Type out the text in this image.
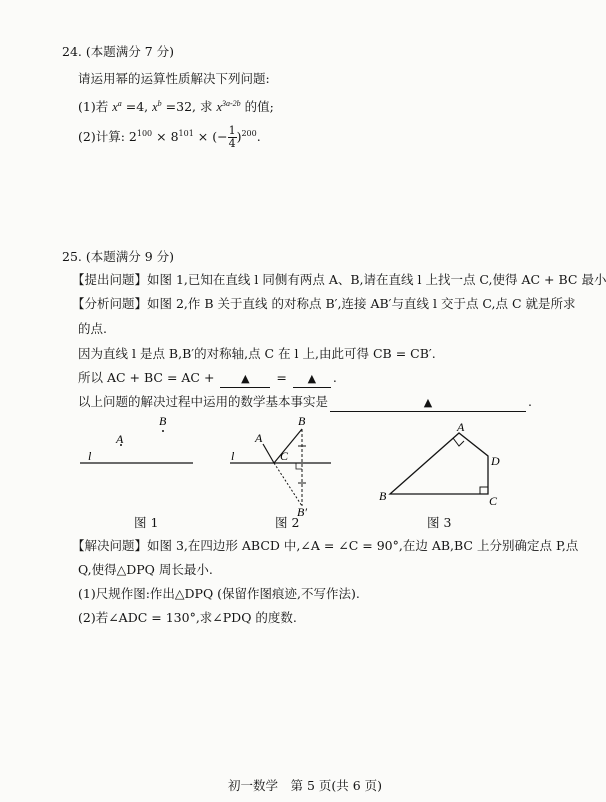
24. (本题满分 7 分)
请运用幂的运算性质解决下列问题:
(1)若 $x^a =4$, $x^b =32$, 求 $x^{3a-2b}$ 的值;
(2)计算: $2^{100} \times 8^{101}$ × (− $\frac{1}{4} )^{200}$.
25. (本题满分 9 分)
【提出问题】如图 1,已知在直线 l 同侧有两点 A、B,请在直线 l 上找一点 C,使得 AC + BC 最小
【分析问题】如图 2,作 B 关于直线 的对称点 B′,连接 AB′与直线 l 交于点 C,点 C 就是所求
的点.
因为直线 l 是点 B,B′的对称轴,点 C 在 l 上,由此可得 CB = CB′.
所以 AC + BC = AC + ▲ = ▲ .
以上问题的解决过程中运用的数学基本事实是	▲	.
l
A
B
l
A
B
C
B′
A
B	C
D
图 1	图 2	图 3
【解决问题】如图 3,在四边形 ABCD 中,∠A = ∠C = 90°,在边 AB,BC 上分别确定点 P,点
Q,使得△DPQ 周长最小.
(1)尺规作图:作出△DPQ (保留作图痕迹,不写作法).
(2)若∠ADC = 130°,求∠PDQ 的度数.
初一数学　第 5 页(共 6 页)
